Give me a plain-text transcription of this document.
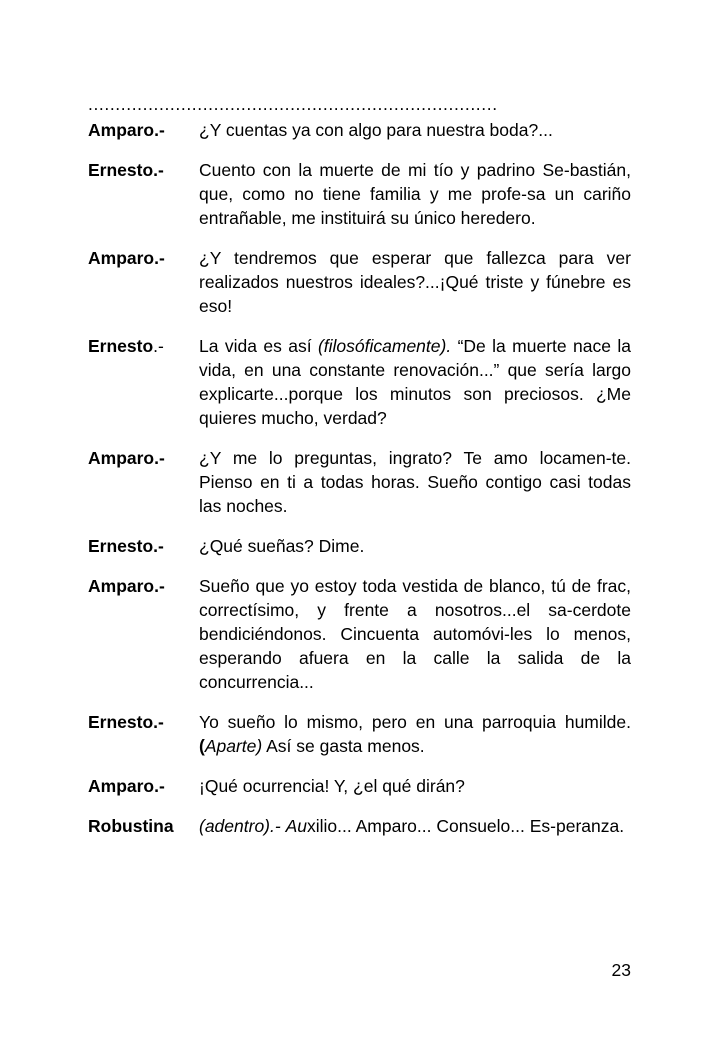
...........................................................................
Amparo.-	¿Y cuentas ya con algo para nuestra boda?...
Ernesto.-	Cuento con la muerte de mi tío y padrino Se-bastián, que, como no tiene familia y me profe-sa un cariño entrañable, me instituirá su único heredero.
Amparo.-	¿Y tendremos que esperar que fallezca para ver realizados nuestros ideales?...¡Qué triste y fúnebre es eso!
Ernesto.-	La vida es así (filosóficamente). “De la muerte nace la vida, en una constante renovación...” que sería largo explicarte...porque los minutos son preciosos. ¿Me quieres mucho, verdad?
Amparo.-	¿Y me lo preguntas, ingrato? Te amo locamen-te. Pienso en ti a todas horas. Sueño contigo casi todas las noches.
Ernesto.-	¿Qué sueñas? Dime.
Amparo.-	Sueño que yo estoy toda vestida de blanco, tú de frac, correctísimo, y frente a nosotros...el sa-cerdote bendiciéndonos. Cincuenta automóvi-les lo menos, esperando afuera en la calle la salida de la concurrencia...
Ernesto.-	Yo sueño lo mismo, pero en una parroquia humilde. (Aparte) Así se gasta menos.
Amparo.-	¡Qué ocurrencia! Y, ¿el qué dirán?
Robustina	(adentro).- Auxilio... Amparo... Consuelo... Es-peranza.
23
